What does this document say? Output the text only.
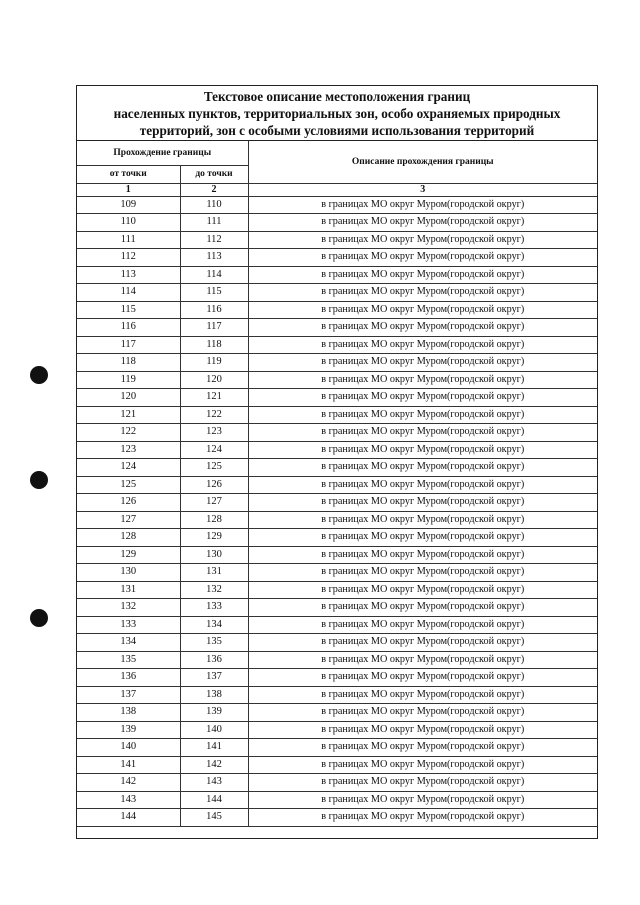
Текстовое описание местоположения границ
населенных пунктов, территориальных зон, особо охраняемых природных
территорий, зон с особыми условиями использования территорий
Прохождение границы		Описание прохождения границы
от точки	до точки	
1	2	3
109	110	в границах МО округ Муром(городской округ)
110	111	в границах МО округ Муром(городской округ)
111	112	в границах МО округ Муром(городской округ)
112	113	в границах МО округ Муром(городской округ)
113	114	в границах МО округ Муром(городской округ)
114	115	в границах МО округ Муром(городской округ)
115	116	в границах МО округ Муром(городской округ)
116	117	в границах МО округ Муром(городской округ)
117	118	в границах МО округ Муром(городской округ)
118	119	в границах МО округ Муром(городской округ)
119	120	в границах МО округ Муром(городской округ)
120	121	в границах МО округ Муром(городской округ)
121	122	в границах МО округ Муром(городской округ)
122	123	в границах МО округ Муром(городской округ)
123	124	в границах МО округ Муром(городской округ)
124	125	в границах МО округ Муром(городской округ)
125	126	в границах МО округ Муром(городской округ)
126	127	в границах МО округ Муром(городской округ)
127	128	в границах МО округ Муром(городской округ)
128	129	в границах МО округ Муром(городской округ)
129	130	в границах МО округ Муром(городской округ)
130	131	в границах МО округ Муром(городской округ)
131	132	в границах МО округ Муром(городской округ)
132	133	в границах МО округ Муром(городской округ)
133	134	в границах МО округ Муром(городской округ)
134	135	в границах МО округ Муром(городской округ)
135	136	в границах МО округ Муром(городской округ)
136	137	в границах МО округ Муром(городской округ)
137	138	в границах МО округ Муром(городской округ)
138	139	в границах МО округ Муром(городской округ)
139	140	в границах МО округ Муром(городской округ)
140	141	в границах МО округ Муром(городской округ)
141	142	в границах МО округ Муром(городской округ)
142	143	в границах МО округ Муром(городской округ)
143	144	в границах МО округ Муром(городской округ)
144	145	в границах МО округ Муром(городской округ)
